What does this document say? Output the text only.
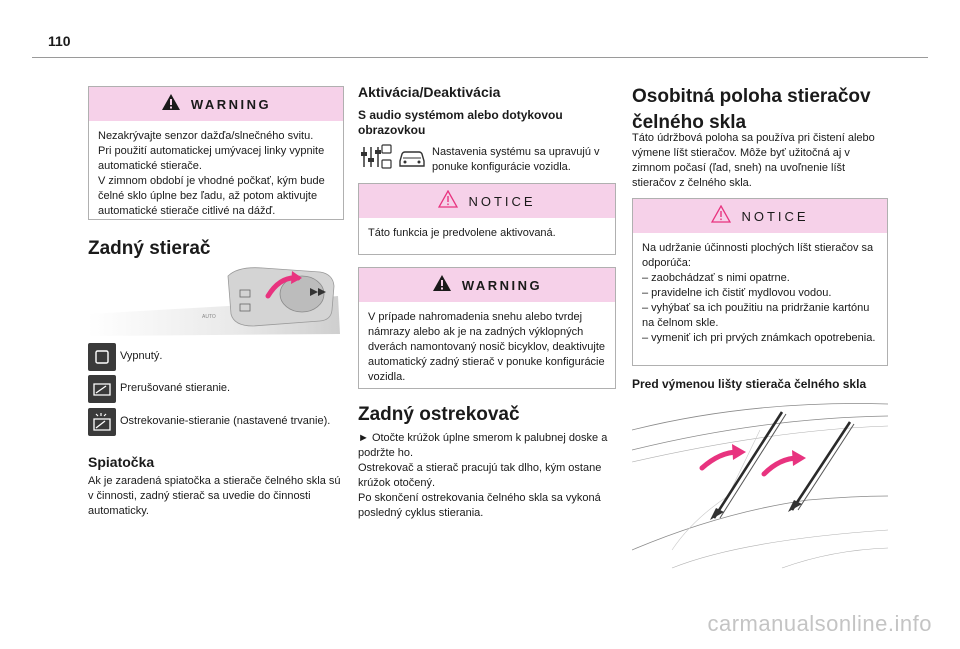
110
WARNING
Nezakrývajte senzor dažďa/slnečného svitu.
Pri použití automatickej umývacej linky vypnite automatické stierače.
V zimnom období je vhodné počkať, kým bude čelné sklo úplne bez ľadu, až potom aktivujte automatické stierače citlivé na dážď.
Zadný stierač
AUTO
Vypnutý.
Prerušované stieranie.
Ostrekovanie-stieranie (nastavené trvanie).
Spiatočka
Ak je zaradená spiatočka a stierače čelného skla sú v činnosti, zadný stierač sa uvedie do činnosti automaticky.
Aktivácia/Deaktivácia
S audio systémom alebo dotykovou obrazovkou
Nastavenia systému sa upravujú v ponuke konfigurácie vozidla.
NOTICE
Táto funkcia je predvolene aktivovaná.
WARNING
V prípade nahromadenia snehu alebo tvrdej námrazy alebo ak je na zadných výklopných dverách namontovaný nosič bicyklov, deaktivujte automatický zadný stierač v ponuke konfigurácie vozidla.
Zadný ostrekovač
► Otočte krúžok úplne smerom k palubnej doske a podržte ho.
Ostrekovač a stierač pracujú tak dlho, kým ostane krúžok otočený.
Po skončení ostrekovania čelného skla sa vykoná posledný cyklus stierania.
Osobitná poloha stieračov čelného skla
Táto údržbová poloha sa používa pri čistení alebo výmene líšt stieračov. Môže byť užitočná aj v zimnom počasí (ľad, sneh) na uvoľnenie líšt stieračov z čelného skla.
NOTICE
Na udržanie účinnosti plochých líšt stieračov sa odporúča:
– zaobchádzať s nimi opatrne.
– pravidelne ich čistiť mydlovou vodou.
– vyhýbať sa ich použitiu na pridržanie kartónu na čelnom skle.
– vymeniť ich pri prvých známkach opotrebenia.
Pred výmenou lišty stierača čelného skla
carmanualsonline.info
